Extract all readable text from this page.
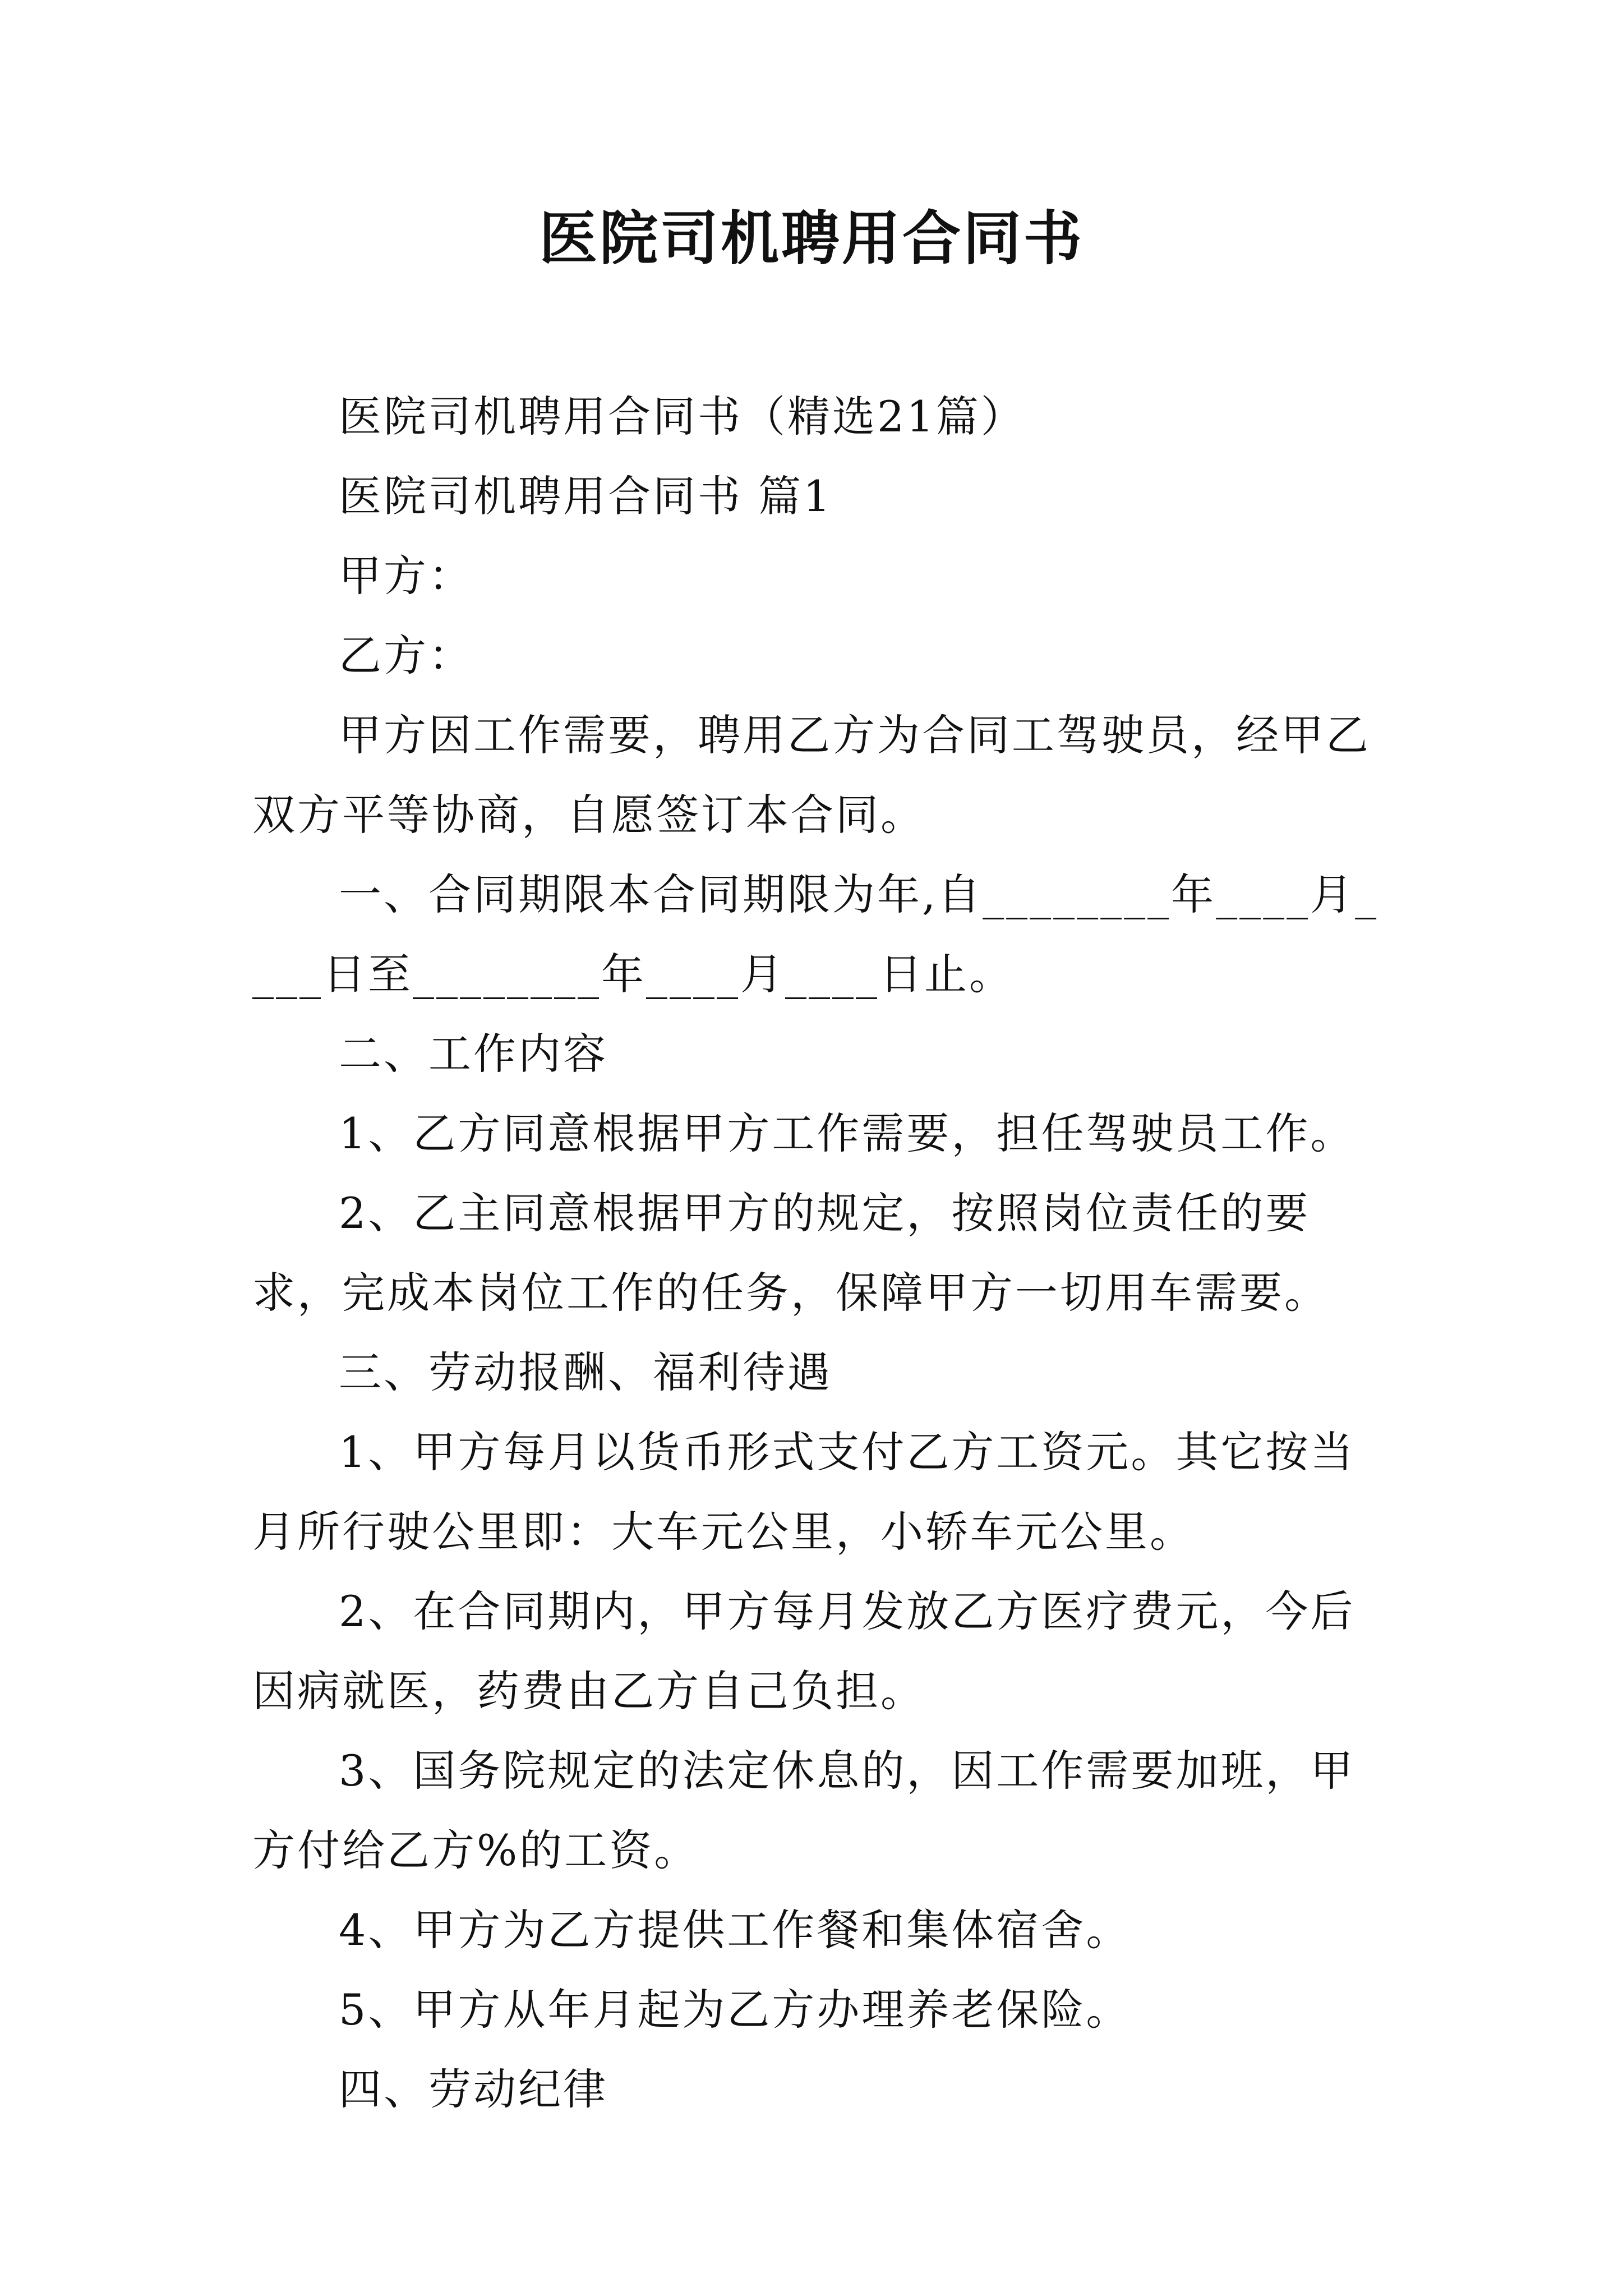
医院司机聘用合同书

医院司机聘用合同书（精选21篇）

医院司机聘用合同书 篇1

甲方：

乙方：

甲方因工作需要，聘用乙方为合同工驾驶员，经甲乙双方平等协商，自愿签订本合同。

一、合同期限本合同期限为年,自________年____月____日至________年____月____日止。

二、工作内容

1、乙方同意根据甲方工作需要，担任驾驶员工作。

2、乙主同意根据甲方的规定，按照岗位责任的要求，完成本岗位工作的任务，保障甲方一切用车需要。

三、劳动报酬、福利待遇

1、甲方每月以货币形式支付乙方工资元。其它按当月所行驶公里即：大车元公里，小轿车元公里。

2、在合同期内，甲方每月发放乙方医疗费元，今后因病就医，药费由乙方自己负担。

3、国务院规定的法定休息的，因工作需要加班，甲方付给乙方%的工资。

4、甲方为乙方提供工作餐和集体宿舍。

5、甲方从年月起为乙方办理养老保险。

四、劳动纪律
